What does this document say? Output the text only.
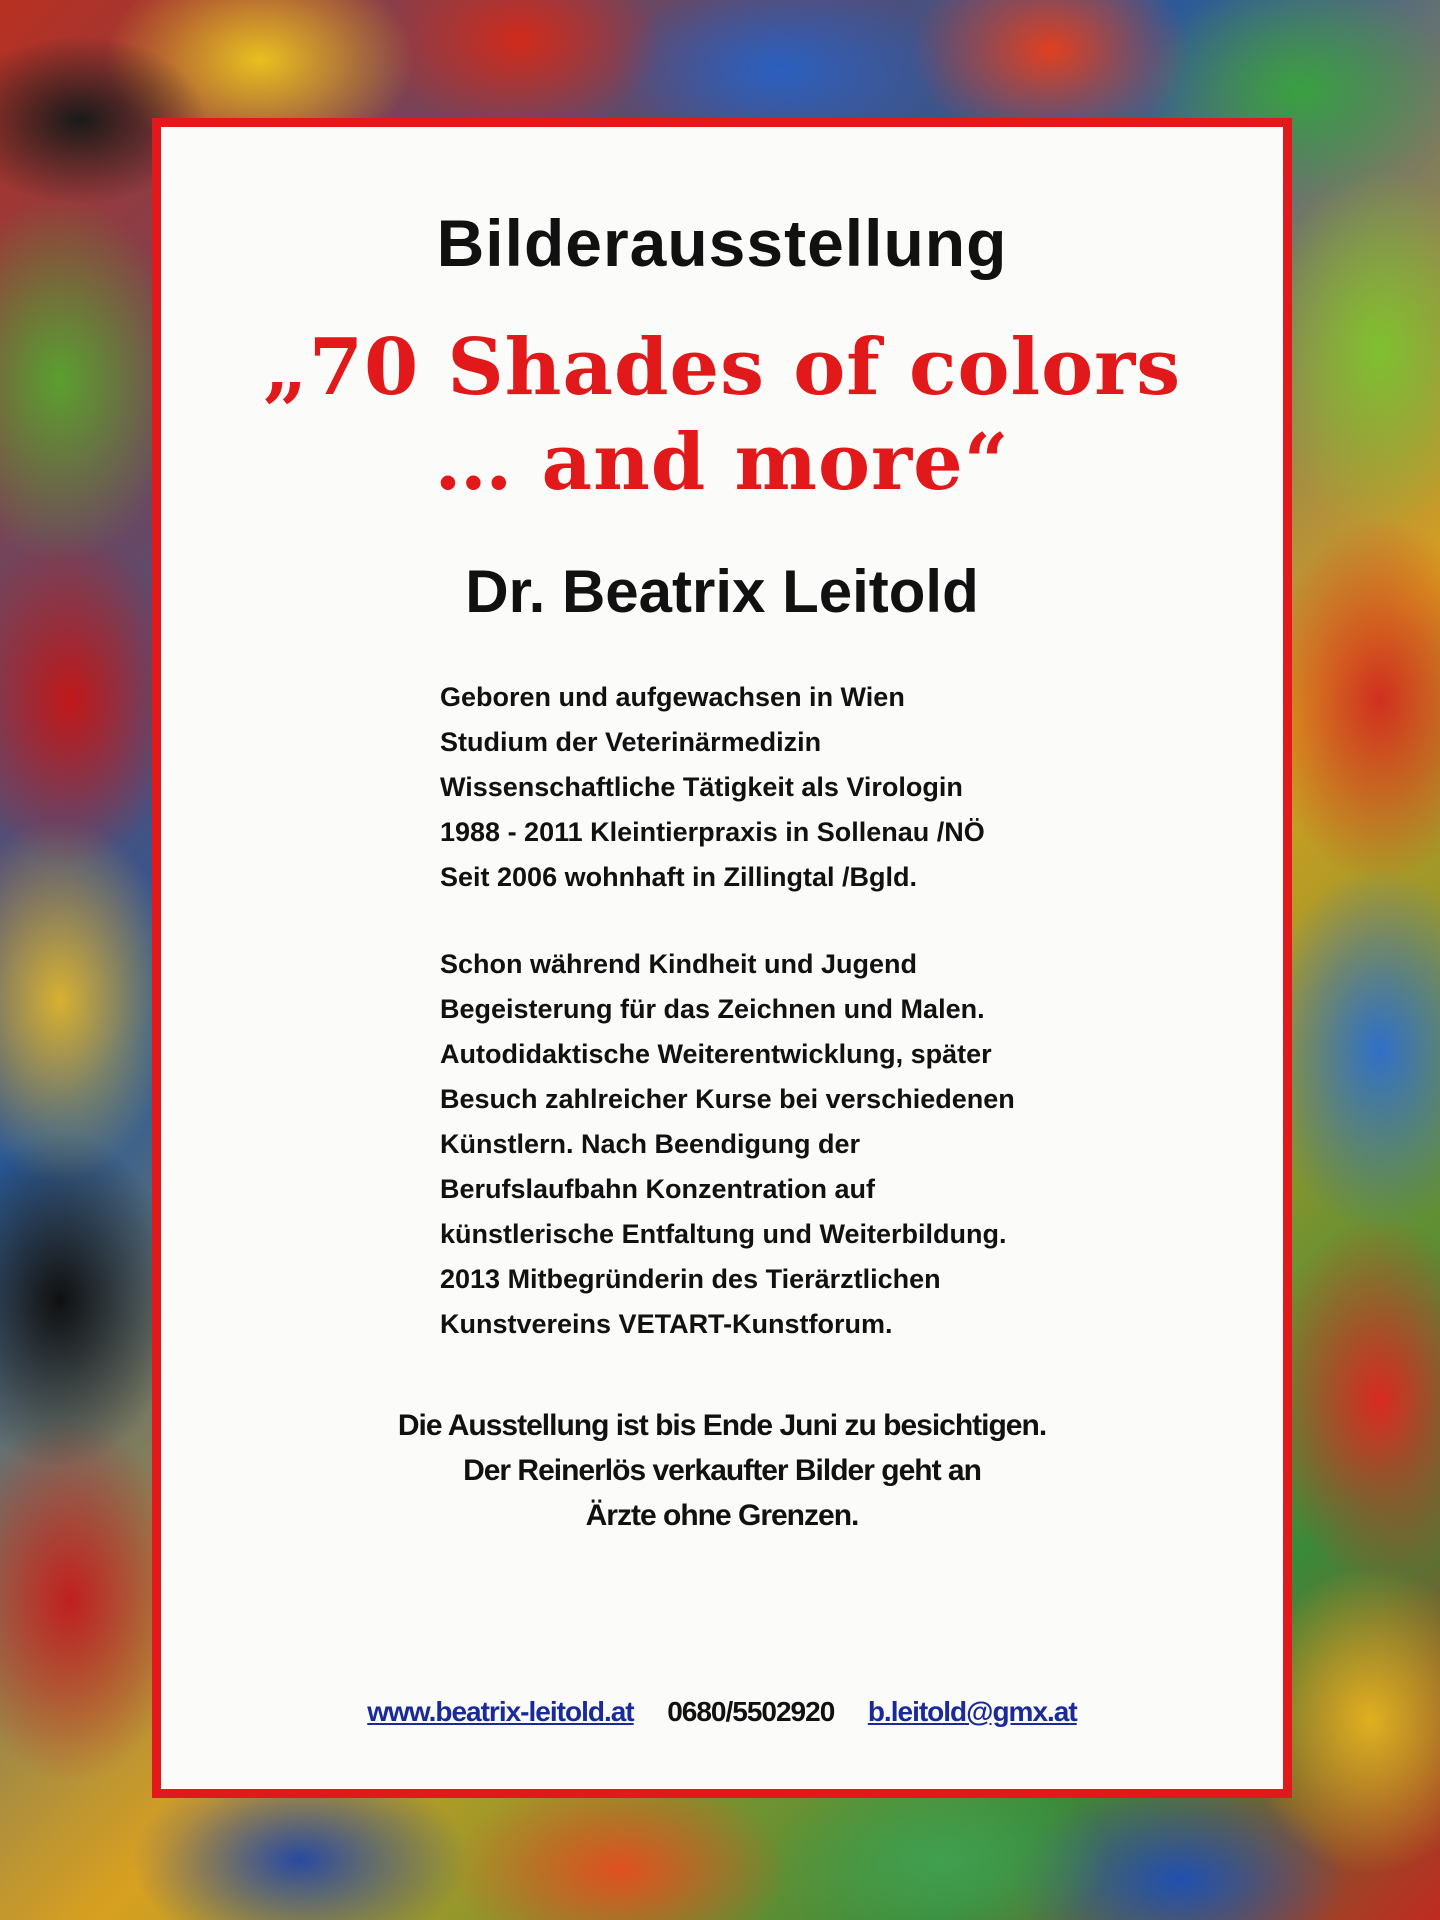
Bilderausstellung
„70 Shades of colors
… and more“
Dr. Beatrix Leitold
Geboren und aufgewachsen in Wien
Studium der Veterinärmedizin
Wissenschaftliche Tätigkeit als Virologin
1988 - 2011 Kleintierpraxis in Sollenau /NÖ
Seit 2006 wohnhaft in Zillingtal /Bgld.
Schon während Kindheit und Jugend
Begeisterung für das Zeichnen und Malen.
Autodidaktische Weiterentwicklung, später
Besuch zahlreicher Kurse bei verschiedenen
Künstlern. Nach Beendigung der
Berufslaufbahn Konzentration auf
künstlerische Entfaltung und Weiterbildung.
2013 Mitbegründerin des Tierärztlichen
Kunstvereins VETART-Kunstforum.
Die Ausstellung ist bis Ende Juni zu besichtigen.
Der Reinerlös verkaufter Bilder geht an
Ärzte ohne Grenzen.
www.beatrix-leitold.at 0680/5502920 b.leitold@gmx.at
